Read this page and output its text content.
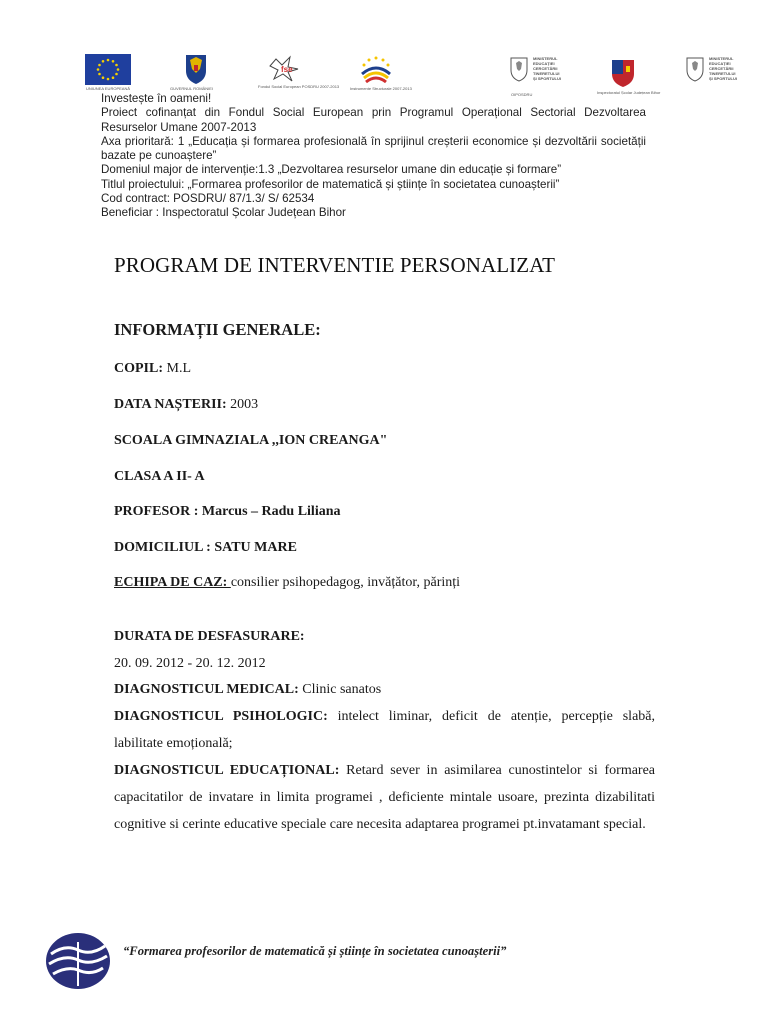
UNIUNEA EUROPEANĂ	GUVERNUL ROMÂNIEI
fse
Fondul Social European POSDRU 2007-2013	Instrumente Structurale 2007-2013
MINISTERUL EDUCAȚIEI CERCETĂRII TINERETULUI ȘI SPORTULUI
OIPOSDRU	Inspectoratul Școlar Județean Bihor
MINISTERUL EDUCAȚIEI CERCETĂRII TINERETULUI ȘI SPORTULUI

Investește în oameni!

Proiect cofinanțat din Fondul Social European prin Programul Operațional Sectorial Dezvoltarea Resurselor Umane 2007-2013

Axa prioritară: 1 „Educația și formarea profesională în sprijinul creșterii economice și dezvoltării societății bazate pe cunoaștere”

Domeniul major de intervenție:1.3 „Dezvoltarea resurselor umane din educație și formare”

Titlul proiectului: „Formarea profesorilor de matematică și științe în societatea cunoașterii”

Cod contract: POSDRU/ 87/1.3/ S/ 62534

Beneficiar : Inspectoratul Școlar Județean Bihor

PROGRAM DE INTERVENTIE PERSONALIZAT
INFORMAȚII GENERALE:
COPIL: M.L
DATA NAȘTERII: 2003
SCOALA GIMNAZIALA ,,ION CREANGA"
CLASA A II- A
PROFESOR : Marcus – Radu Liliana
DOMICILIUL : SATU MARE
ECHIPA DE CAZ: consilier psihopedagog, invățător, părinți
DURATA DE DESFASURARE:
20. 09. 2012 - 20. 12. 2012
DIAGNOSTICUL MEDICAL: Clinic sanatos
DIAGNOSTICUL PSIHOLOGIC: intelect liminar, deficit de atenție, percepție slabă, labilitate emoțională;
DIAGNOSTICUL EDUCAȚIONAL: Retard sever in asimilarea cunostintelor si formarea capacitatilor de invatare in limita programei , deficiente mintale usoare, prezinta dizabilitati cognitive si cerinte educative speciale care necesita adaptarea programei pt.invatamant special.
“Formarea profesorilor de matematică și științe în societatea cunoașterii”
